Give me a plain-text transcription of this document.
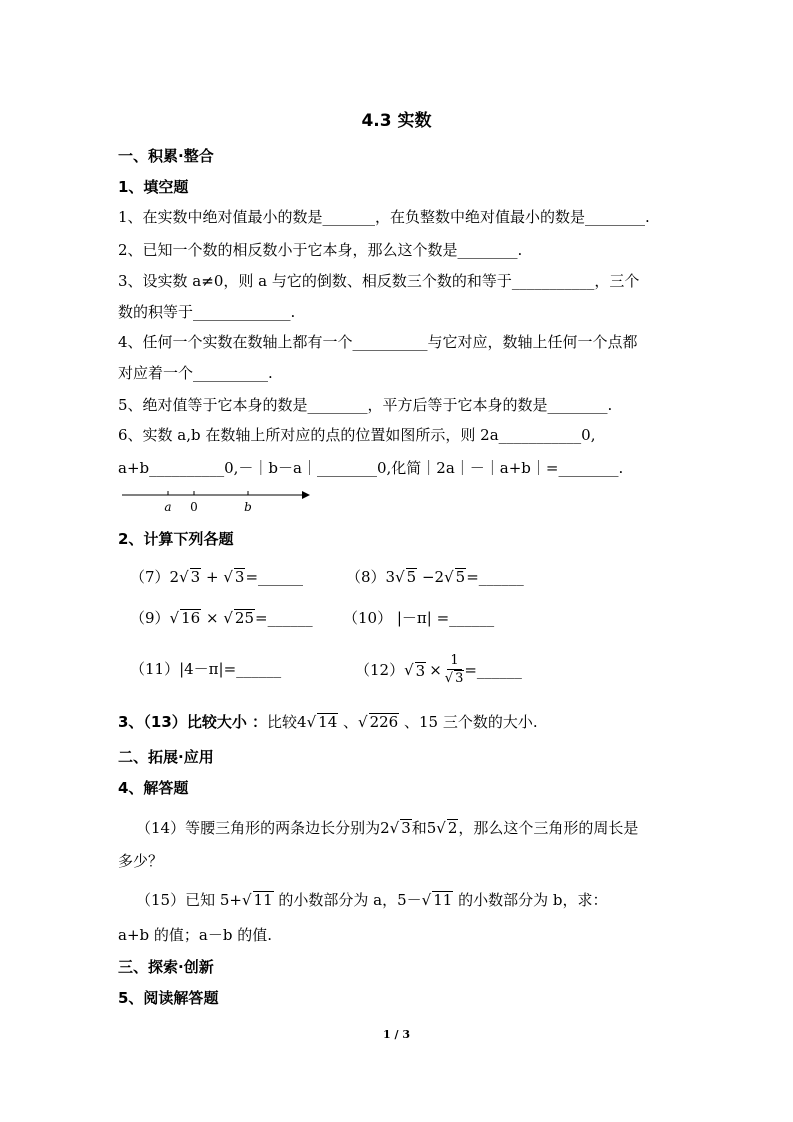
4.3 实数
一、积累·整合
1、填空题
1、在实数中绝对值最小的数是_______，在负整数中绝对值最小的数是________.
2、已知一个数的相反数小于它本身，那么这个数是________.
3、设实数 a≠0，则 a 与它的倒数、相反数三个数的和等于___________，三个
数的积等于_____________.
4、任何一个实数在数轴上都有一个__________与它对应，数轴上任何一个点都
对应着一个__________.
5、绝对值等于它本身的数是________，平方后等于它本身的数是________.
6、实数 a,b 在数轴上所对应的点的位置如图所示，则 2a___________0,
a+b__________0,－｜b－a｜________0,化简｜2a｜－｜a+b｜=________.
a 0	b
2、计算下列各题
（7）2√ 3 + √ 3=______	（8）3√ 5 −2√ 5=______
（9）√ 16 × √ 25=______ （10） |－π| =______
（11）|4－π|=______	（12） √ $3 \times \frac{1}{√ 3}$ =______
3、（13）比较大小 ：比较4√ 14 、√ 226 、15 三个数的大小.
二、拓展·应用
4、解答题
（14）等腰三角形的两条边长分别为2√ 3和5√ 2，那么这个三角形的周长是
多少？
（15）已知 5+√ 11 的小数部分为 a，5－√ 11 的小数部分为 b，求：
a+b 的值；a－b 的值.
三、探索·创新
5、阅读解答题
1 / 3
